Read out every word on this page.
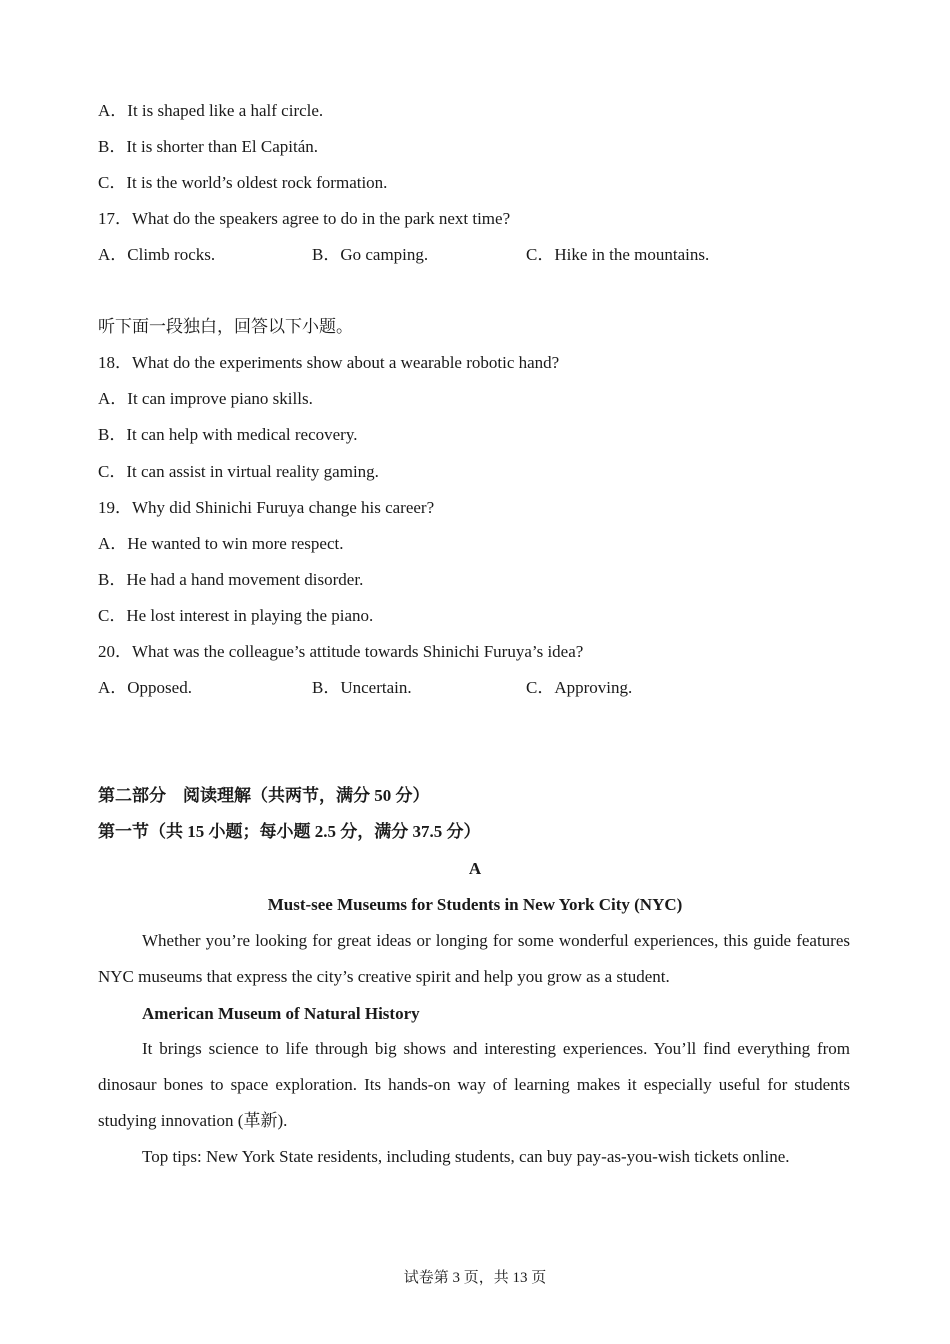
A．It is shaped like a half circle.
B．It is shorter than El Capitán.
C．It is the world’s oldest rock formation.
17．What do the speakers agree to do in the park next time?
A．Climb rocks.	B．Go camping.	C．Hike in the mountains.
听下面一段独白，回答以下小题。
18．What do the experiments show about a wearable robotic hand?
A．It can improve piano skills.
B．It can help with medical recovery.
C．It can assist in virtual reality gaming.
19．Why did Shinichi Furuya change his career?
A．He wanted to win more respect.
B．He had a hand movement disorder.
C．He lost interest in playing the piano.
20．What was the colleague’s attitude towards Shinichi Furuya’s idea?
A．Opposed.	B．Uncertain.	C．Approving.
第二部分　阅读理解（共两节，满分 50 分）
第一节（共 15 小题；每小题 2.5 分，满分 37.5 分）
A
Must-see Museums for Students in New York City (NYC)
Whether you’re looking for great ideas or longing for some wonderful experiences, this guide features NYC museums that express the city’s creative spirit and help you grow as a student.
American Museum of Natural History
It brings science to life through big shows and interesting experiences. You’ll find everything from dinosaur bones to space exploration. Its hands-on way of learning makes it especially useful for students studying innovation (革新).
Top tips: New York State residents, including students, can buy pay-as-you-wish tickets online.
试卷第 3 页，共 13 页
